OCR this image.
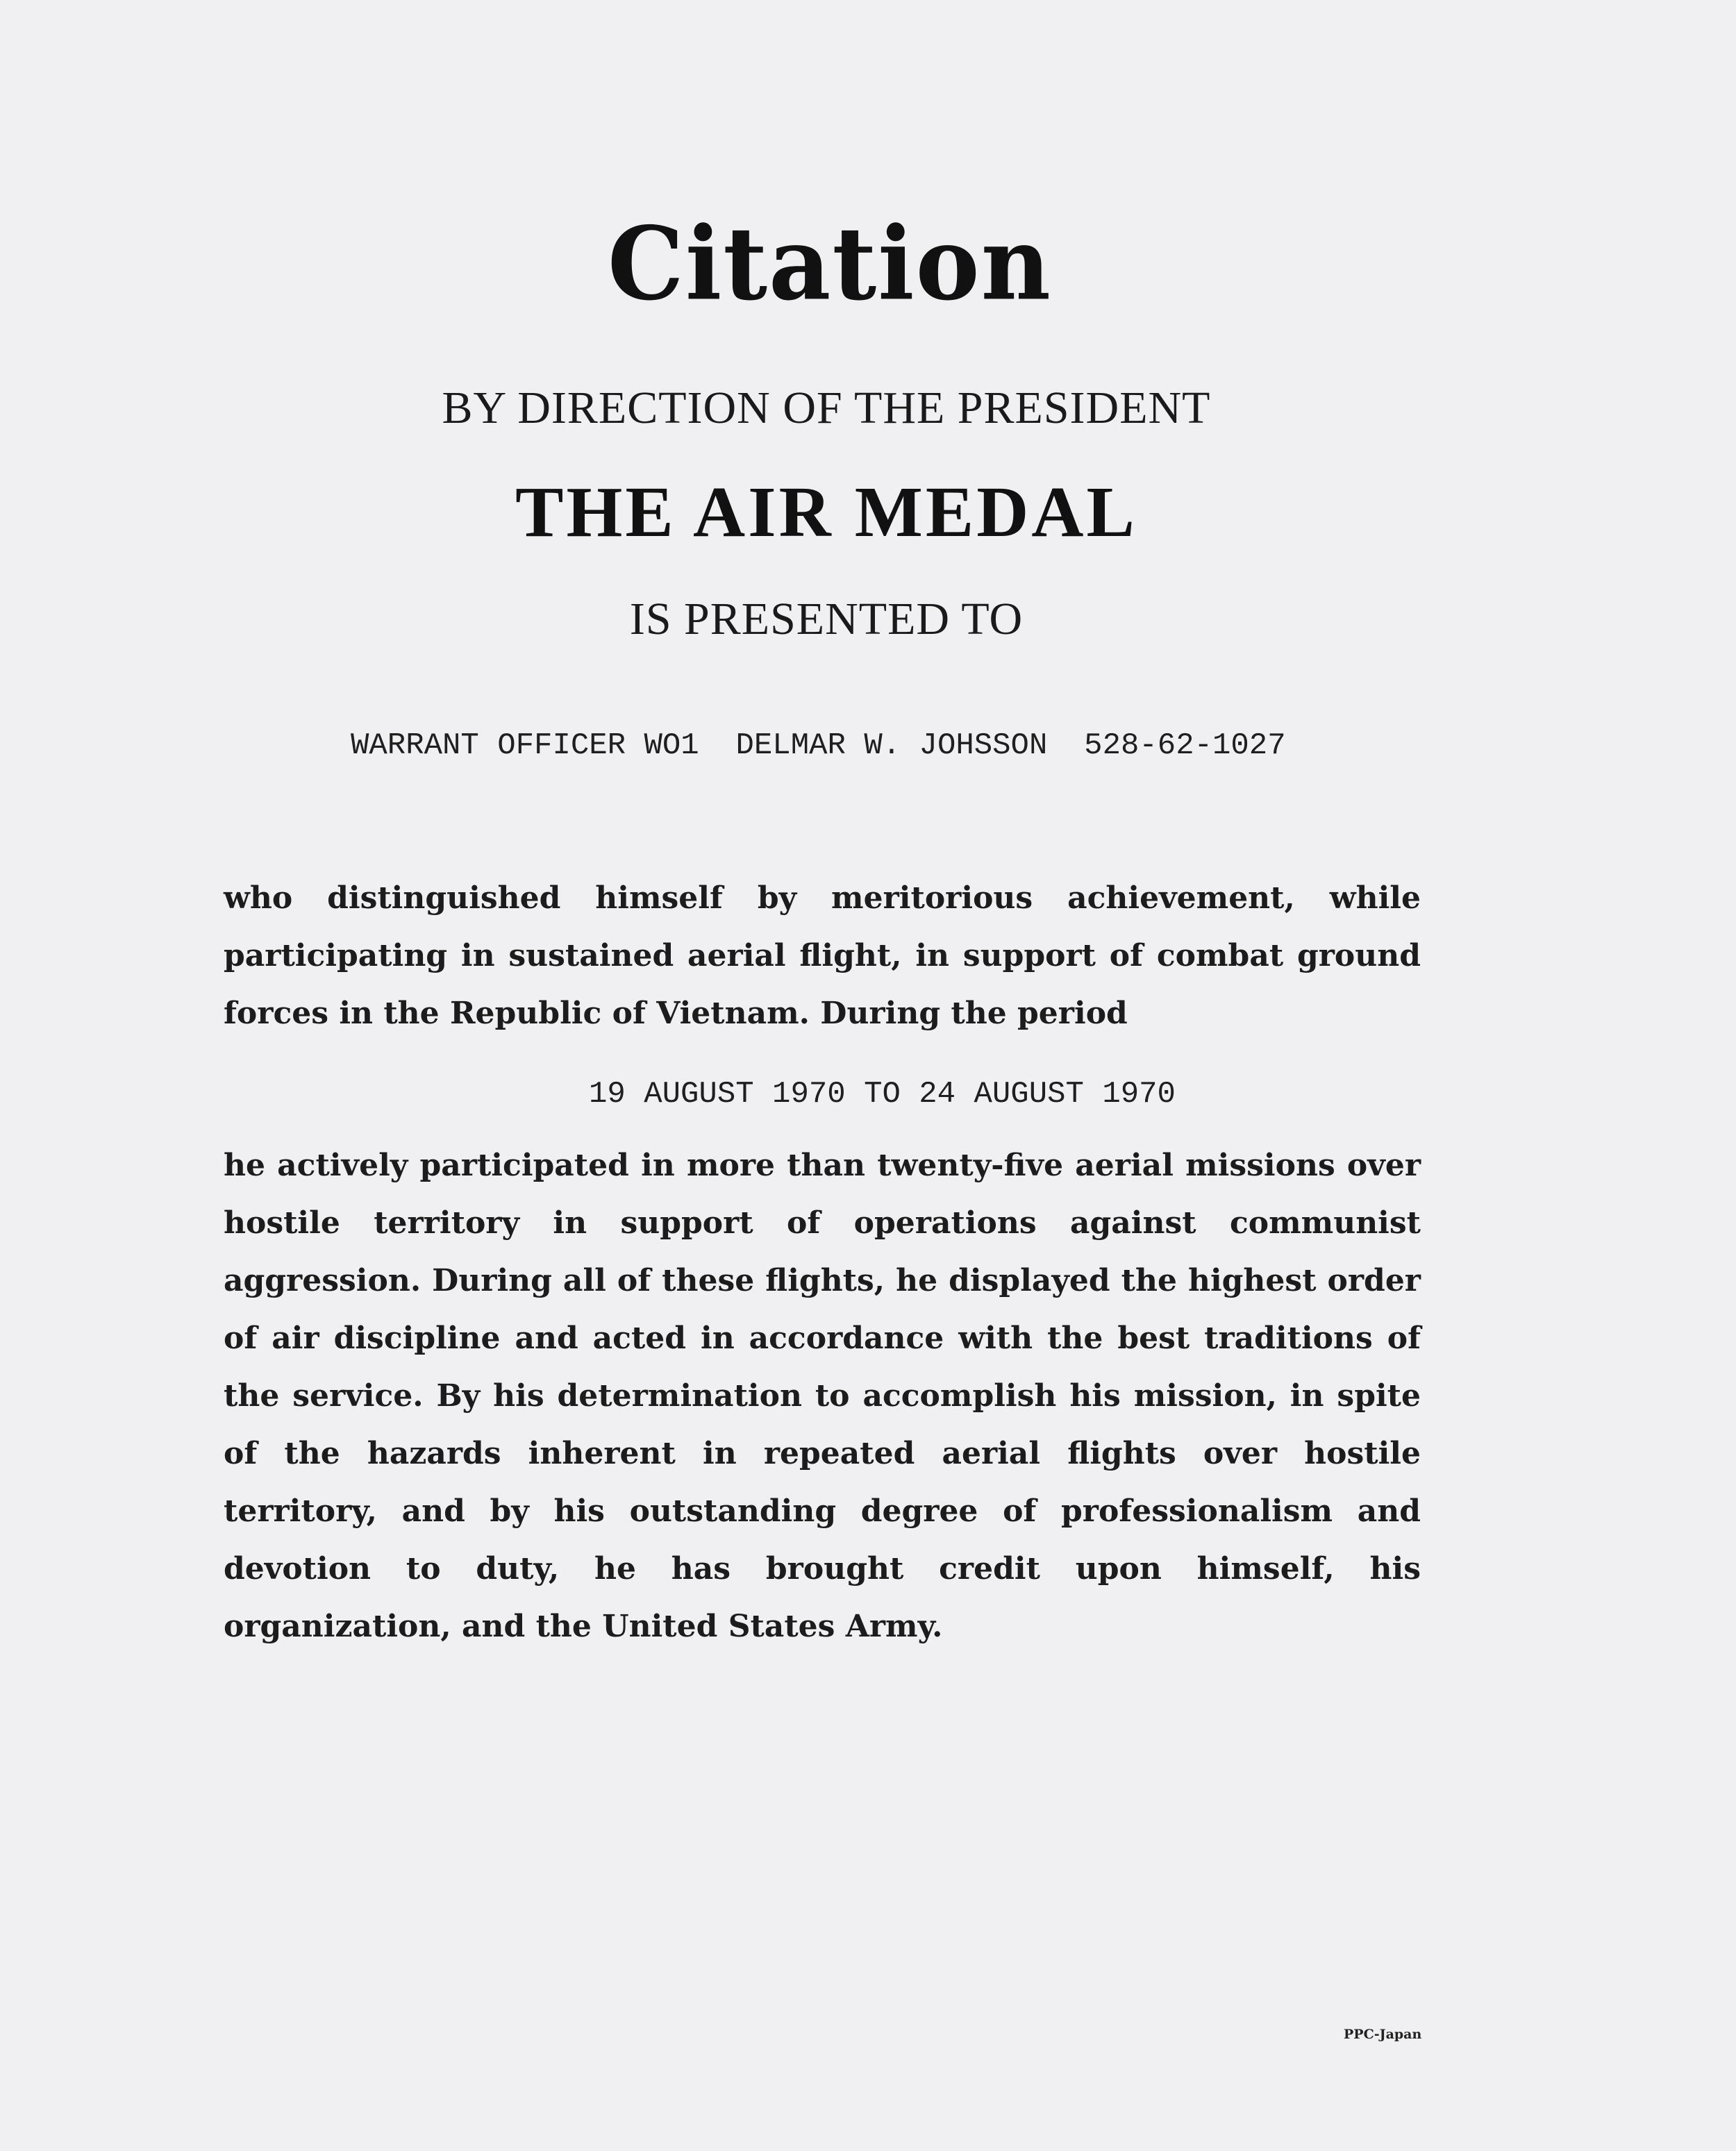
Citation
BY DIRECTION OF THE PRESIDENT
THE AIR MEDAL
IS PRESENTED TO
WARRANT OFFICER WO1  DELMAR W. JOHSSON  528-62-1027
who distinguished himself by meritorious achievement, while participating in sustained aerial flight, in support of combat ground forces in the Republic of Vietnam. During the period
19 AUGUST 1970 TO 24 AUGUST 1970
he actively participated in more than twenty-five aerial missions over hostile territory in support of operations against communist aggression. During all of these flights, he displayed the highest order of air discipline and acted in accordance with the best traditions of the service. By his determination to accomplish his mission, in spite of the hazards inherent in repeated aerial flights over hostile territory, and by his outstanding degree of professionalism and devotion to duty, he has brought credit upon himself, his organization, and the United States Army.
PPC-Japan
